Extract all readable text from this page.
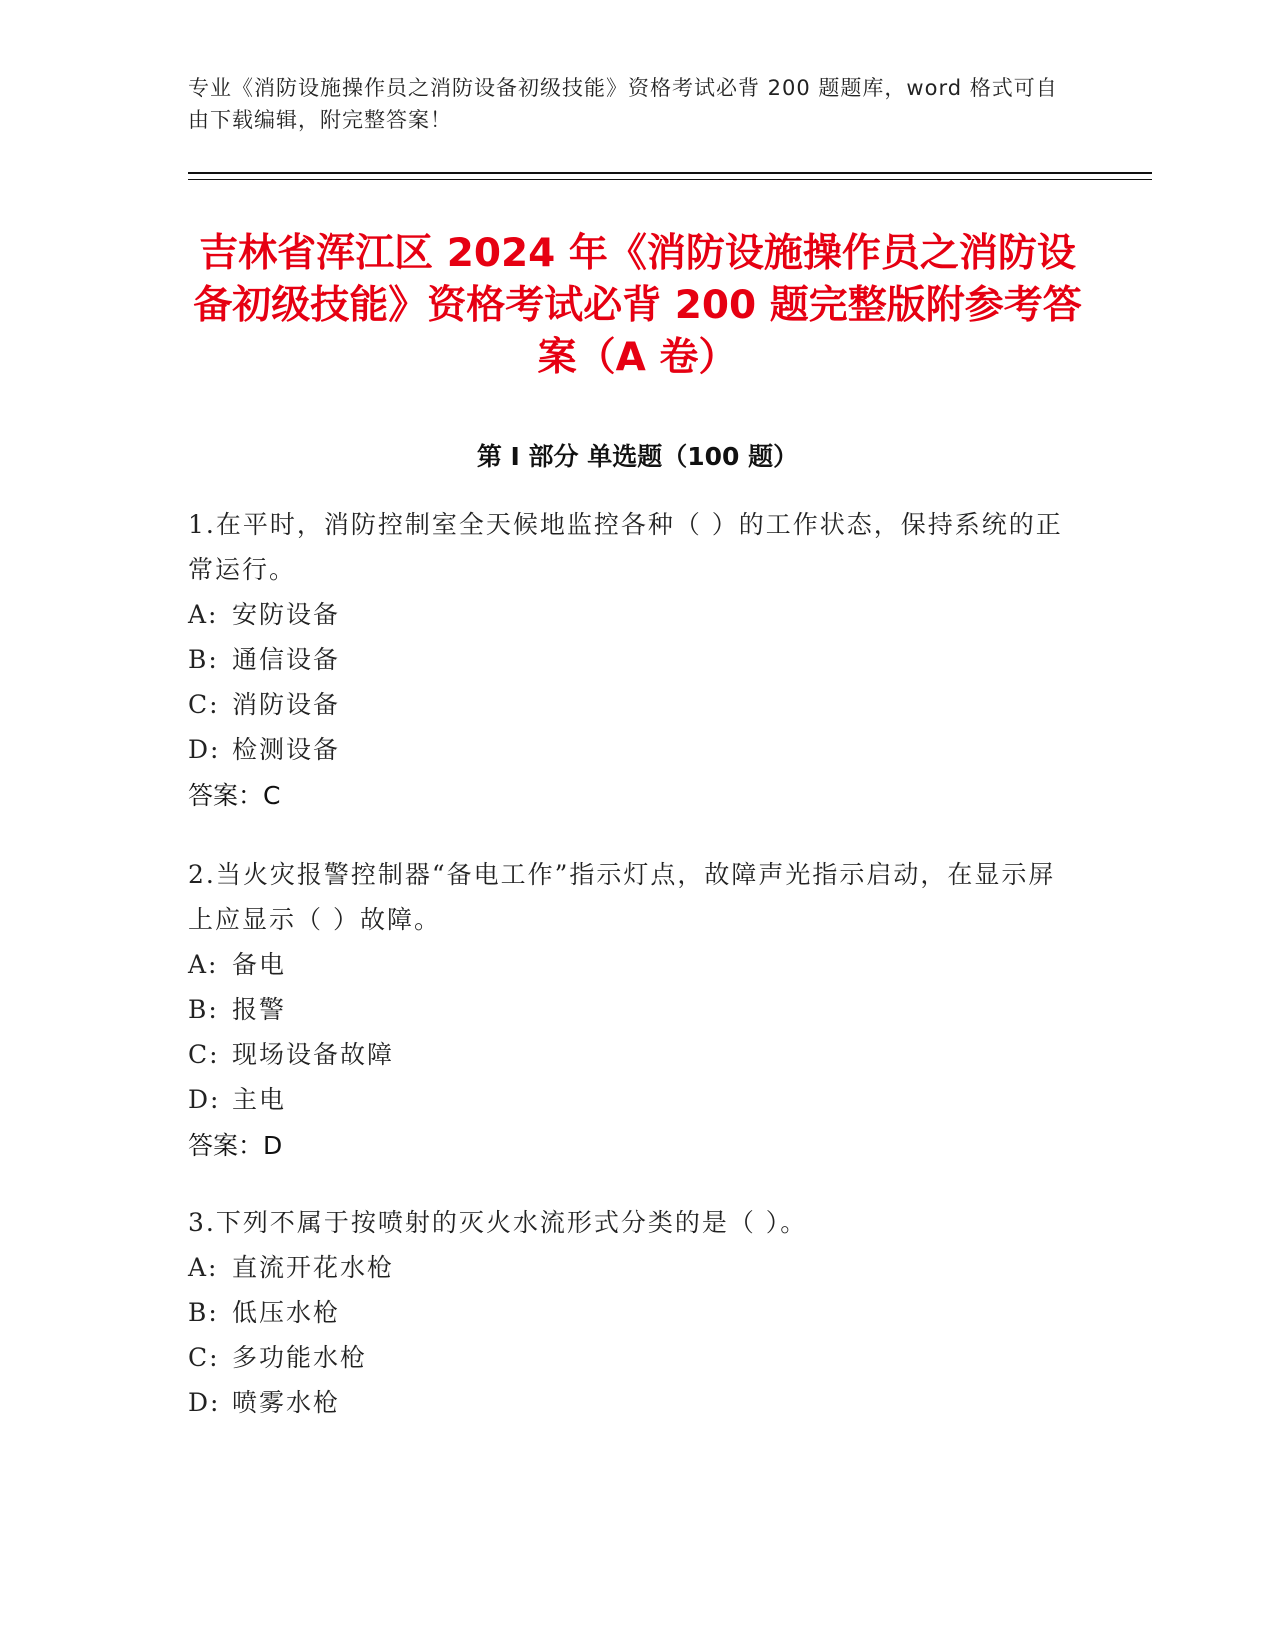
专业《消防设施操作员之消防设备初级技能》资格考试必背 200 题题库，word 格式可自由下载编辑，附完整答案！
吉林省浑江区 2024 年《消防设施操作员之消防设备初级技能》资格考试必背 200 题完整版附参考答案（A 卷）
第 I 部分 单选题（100 题）
1.在平时，消防控制室全天候地监控各种（ ）的工作状态，保持系统的正常运行。
A: 安防设备
B: 通信设备
C: 消防设备
D: 检测设备
答案：C
2.当火灾报警控制器“备电工作”指示灯点，故障声光指示启动，在显示屏上应显示（ ）故障。
A: 备电
B: 报警
C: 现场设备故障
D: 主电
答案：D
3.下列不属于按喷射的灭火水流形式分类的是（ ）。
A: 直流开花水枪
B: 低压水枪
C: 多功能水枪
D: 喷雾水枪
